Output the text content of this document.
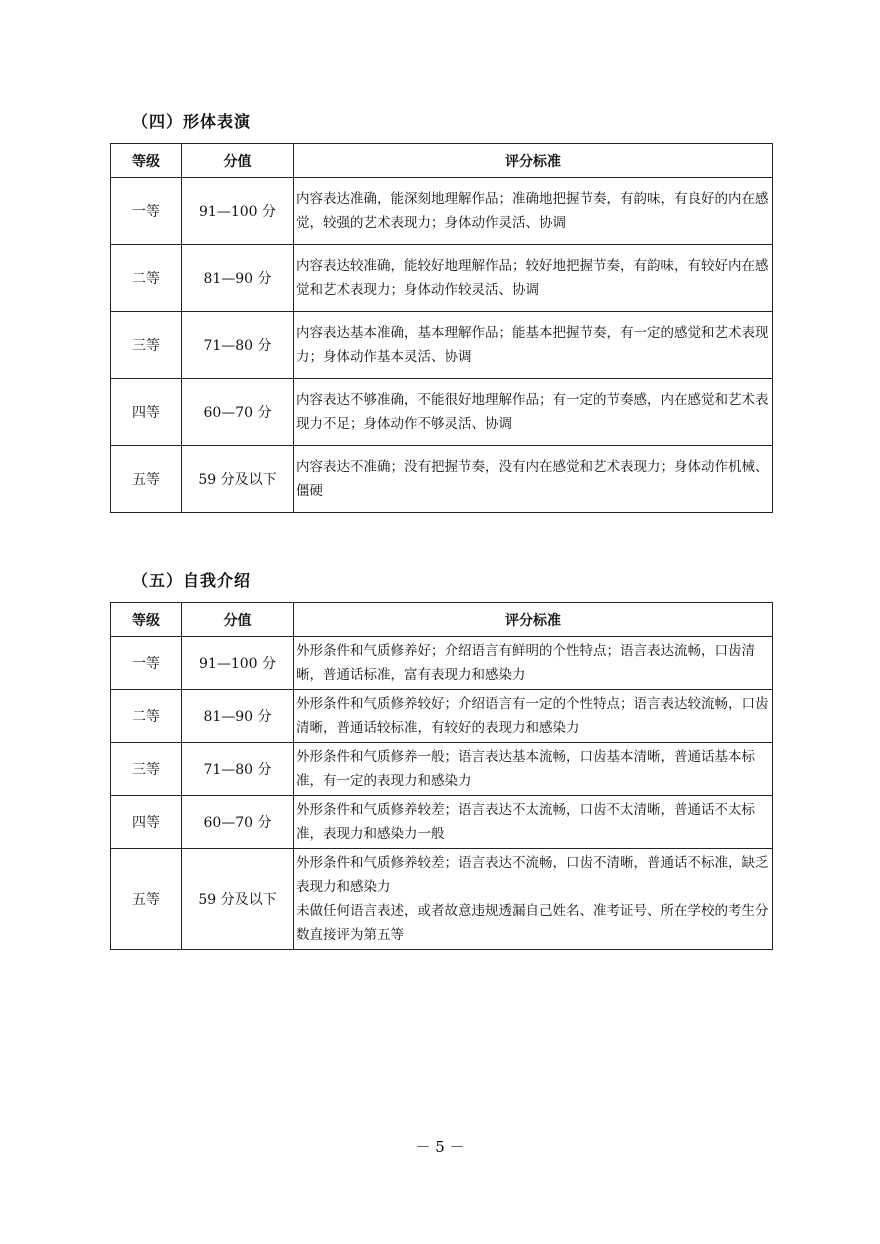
（四）形体表演
等级	分值	评分标准
一等	91—100 分	内容表达准确，能深刻地理解作品；准确地把握节奏，有韵味，有良好的内在感觉，较强的艺术表现力；身体动作灵活、协调

二等	81—90 分	内容表达较准确，能较好地理解作品；较好地把握节奏，有韵味，有较好内在感觉和艺术表现力；身体动作较灵活、协调

三等	71—80 分	内容表达基本准确，基本理解作品；能基本把握节奏，有一定的感觉和艺术表现力；身体动作基本灵活、协调

四等	60—70 分	内容表达不够准确，不能很好地理解作品；有一定的节奏感，内在感觉和艺术表现力不足；身体动作不够灵活、协调

五等	59 分及以下	内容表达不准确；没有把握节奏，没有内在感觉和艺术表现力；身体动作机械、僵硬
（五）自我介绍
等级	分值	评分标准
一等	91—100 分	外形条件和气质修养好；介绍语言有鲜明的个性特点；语言表达流畅，口齿清晰，普通话标准，富有表现力和感染力

二等	81—90 分	外形条件和气质修养较好；介绍语言有一定的个性特点；语言表达较流畅，口齿清晰，普通话较标准，有较好的表现力和感染力

三等	71—80 分	外形条件和气质修养一般；语言表达基本流畅，口齿基本清晰，普通话基本标准，有一定的表现力和感染力

四等	60—70 分	外形条件和气质修养较差；语言表达不太流畅，口齿不太清晰，普通话不太标准，表现力和感染力一般

五等	59 分及以下	外形条件和气质修养较差；语言表达不流畅，口齿不清晰，普通话不标准，缺乏表现力和感染力
未做任何语言表述，或者故意违规透漏自己姓名、准考证号、所在学校的考生分数直接评为第五等
－ 5 －
